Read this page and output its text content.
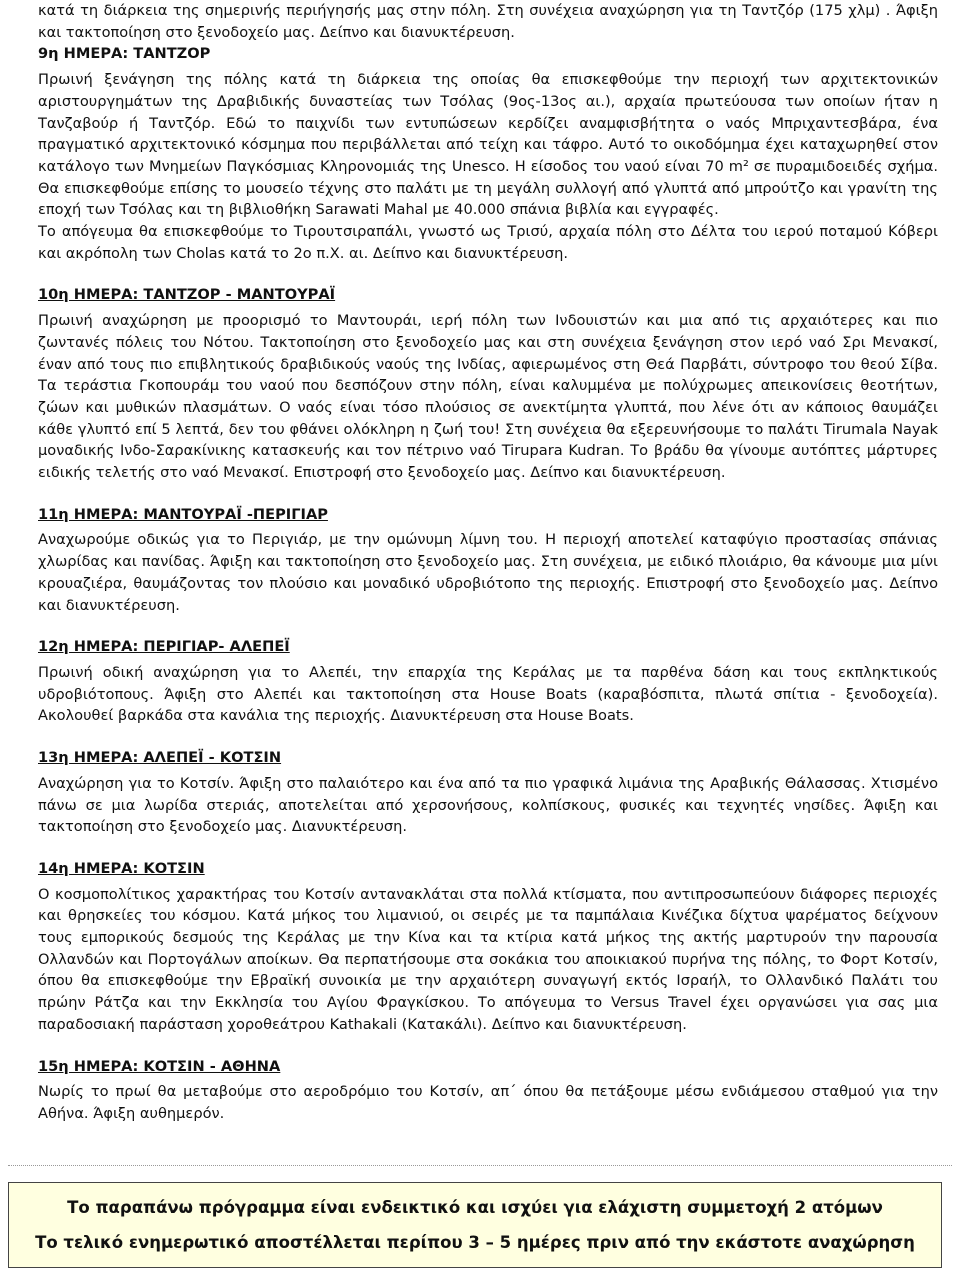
κατά τη διάρκεια της σημερινής περιήγησής μας στην πόλη. Στη συνέχεια αναχώρηση για τη Ταντζόρ (175 χλμ) . Άφιξη και τακτοποίηση στο ξενοδοχείο μας. Δείπνο και διανυκτέρευση.

9η ΗΜΕΡΑ: ΤΑΝΤΖΟΡ

Πρωινή ξενάγηση της πόλης κατά τη διάρκεια της οποίας θα επισκεφθούμε την περιοχή των αρχιτεκτονικών αριστουργημάτων της Δραβιδικής δυναστείας των Τσόλας (9ος-13ος αι.), αρχαία πρωτεύουσα των οποίων ήταν η Τανζαβούρ ή Ταντζόρ. Εδώ το παιχνίδι των εντυπώσεων κερδίζει αναμφισβήτητα ο ναός Μπριχαντεσβάρα, ένα πραγματικό αρχιτεκτονικό κόσμημα που περιβάλλεται από τείχη και τάφρο. Αυτό το οικοδόμημα έχει καταχωρηθεί στον κατάλογο των Μνημείων Παγκόσμιας Κληρονομιάς της Unesco. Η είσοδος του ναού είναι 70 m² σε πυραμιδοειδές σχήμα. Θα επισκεφθούμε επίσης το μουσείο τέχνης στο παλάτι με τη μεγάλη συλλογή από γλυπτά από μπρούτζο και γρανίτη της εποχή των Τσόλας και τη βιβλιοθήκη Sarawati Mahal με 40.000 σπάνια βιβλία και εγγραφές.

Το απόγευμα θα επισκεφθούμε το Τιρουτσιραπάλι, γνωστό ως Τρισύ, αρχαία πόλη στο Δέλτα του ιερού ποταμού Κόβερι και ακρόπολη των Cholas κατά το 2ο π.Χ. αι. Δείπνο και διανυκτέρευση.

10η ΗΜΕΡΑ: ΤΑΝΤΖΟΡ - ΜΑΝΤΟΥΡΑΪ

Πρωινή αναχώρηση με προορισμό το Μαντουράι, ιερή πόλη των Ινδουιστών και μια από τις αρχαιότερες και πιο ζωντανές πόλεις του Νότου. Τακτοποίηση στο ξενοδοχείο μας και στη συνέχεια ξενάγηση στον ιερό ναό Σρι Μενακσί, έναν από τους πιο επιβλητικούς δραβιδικούς ναούς της Ινδίας, αφιερωμένος στη Θεά Παρβάτι, σύντροφο του θεού Σίβα. Τα τεράστια Γκοπουράμ του ναού που δεσπόζουν στην πόλη, είναι καλυμμένα με πολύχρωμες απεικονίσεις θεοτήτων, ζώων και μυθικών πλασμάτων. Ο ναός είναι τόσο πλούσιος σε ανεκτίμητα γλυπτά, που λένε ότι αν κάποιος θαυμάζει κάθε γλυπτό επί 5 λεπτά, δεν του φθάνει ολόκληρη η ζωή του! Στη συνέχεια θα εξερευνήσουμε το παλάτι Tirumala Nayak μοναδικής Ινδο-Σαρακίνικης κατασκευής και τον πέτρινο ναό Tirupara Kudran. Το βράδυ θα γίνουμε αυτόπτες μάρτυρες ειδικής τελετής στο ναό Μενακσί. Επιστροφή στο ξενοδοχείο μας. Δείπνο και διανυκτέρευση.

11η ΗΜΕΡΑ: ΜΑΝΤΟΥΡΑΪ -ΠΕΡΙΓΙΑΡ

Αναχωρούμε οδικώς για το Περιγιάρ, με την ομώνυμη λίμνη του. Η περιοχή αποτελεί καταφύγιο προστασίας σπάνιας χλωρίδας και πανίδας. Άφιξη και τακτοποίηση στο ξενοδοχείο μας. Στη συνέχεια, με ειδικό πλοιάριο, θα κάνουμε μια μίνι κρουαζιέρα, θαυμάζοντας τον πλούσιο και μοναδικό υδροβιότοπο της περιοχής. Επιστροφή στο ξενοδοχείο μας. Δείπνο και διανυκτέρευση.

12η ΗΜΕΡΑ: ΠΕΡΙΓΙΑΡ- ΑΛΕΠΕΪ

Πρωινή οδική αναχώρηση για το Αλεπέι, την επαρχία της Κεράλας με τα παρθένα δάση και τους εκπληκτικούς υδροβιότοπους. Άφιξη στο Αλεπέι και τακτοποίηση στα House Boats (καραβόσπιτα, πλωτά σπίτια - ξενοδοχεία). Ακολουθεί βαρκάδα στα κανάλια της περιοχής. Διανυκτέρευση στα House Boats.

13η ΗΜΕΡΑ: ΑΛΕΠΕΪ - ΚΟΤΣΙΝ

Αναχώρηση για το Κοτσίν. Άφιξη στο παλαιότερο και ένα από τα πιο γραφικά λιμάνια της Αραβικής Θάλασσας. Χτισμένο πάνω σε μια λωρίδα στεριάς, αποτελείται από χερσονήσους, κολπίσκους, φυσικές και τεχνητές νησίδες. Άφιξη και τακτοποίηση στο ξενοδοχείο μας. Διανυκτέρευση.

14η ΗΜΕΡΑ: ΚΟΤΣΙΝ

Ο κοσμοπολίτικος χαρακτήρας του Κοτσίν αντανακλάται στα πολλά κτίσματα, που αντιπροσωπεύουν διάφορες περιοχές και θρησκείες του κόσμου. Κατά μήκος του λιμανιού, οι σειρές με τα παμπάλαια Κινέζικα δίχτυα ψαρέματος δείχνουν τους εμπορικούς δεσμούς της Κεράλας με την Κίνα και τα κτίρια κατά μήκος της ακτής μαρτυρούν την παρουσία Ολλανδών και Πορτογάλων αποίκων. Θα περπατήσουμε στα σοκάκια του αποικιακού πυρήνα της πόλης, το Φορτ Κοτσίν, όπου θα επισκεφθούμε την Εβραϊκή συνοικία με την αρχαιότερη συναγωγή εκτός Ισραήλ, το Ολλανδικό Παλάτι του πρώην Ράτζα και την Εκκλησία του Αγίου Φραγκίσκου. Το απόγευμα το Versus Travel έχει οργανώσει για σας μια παραδοσιακή παράσταση χοροθεάτρου Kathakali (Κατακάλι). Δείπνο και διανυκτέρευση.

15η ΗΜΕΡΑ: ΚΟΤΣΙΝ - ΑΘΗΝΑ

Νωρίς το πρωί θα μεταβούμε στο αεροδρόμιο του Κοτσίν, απ΄ όπου θα πετάξουμε μέσω ενδιάμεσου σταθμού για την Αθήνα. Άφιξη αυθημερόν.

Το παραπάνω πρόγραμμα είναι ενδεικτικό και ισχύει για ελάχιστη συμμετοχή 2 ατόμων
Το τελικό ενημερωτικό αποστέλλεται περίπου 3 – 5 ημέρες πριν από την εκάστοτε αναχώρηση
